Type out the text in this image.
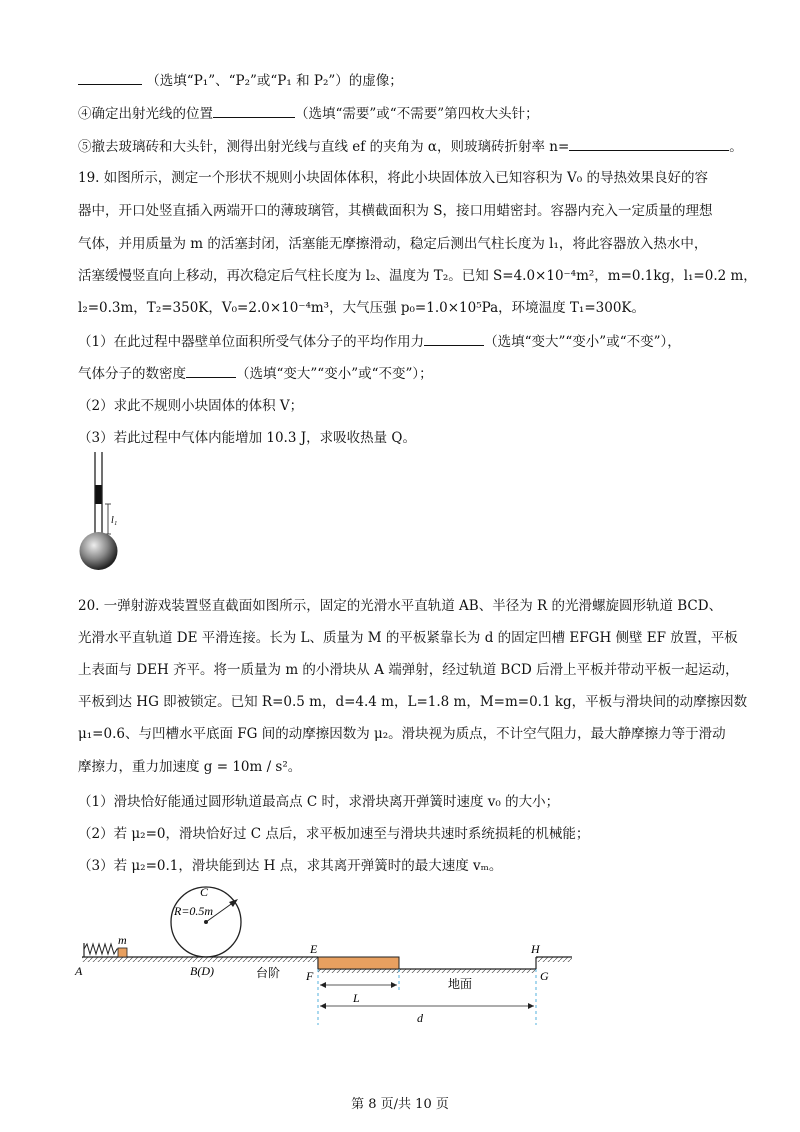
（选填“P₁”、“P₂”或“P₁ 和 P₂”）的虚像；
④确定出射光线的位置	（选填“需要”或“不需要”第四枚大头针；
⑤撤去玻璃砖和大头针，测得出射光线与直线 ef 的夹角为 α，则玻璃砖折射率 n=	。
19. 如图所示，测定一个形状不规则小块固体体积，将此小块固体放入已知容积为 V₀ 的导热效果良好的容
器中，开口处竖直插入两端开口的薄玻璃管，其横截面积为 S，接口用蜡密封。容器内充入一定质量的理想
气体，并用质量为 m 的活塞封闭，活塞能无摩擦滑动，稳定后测出气柱长度为 l₁，将此容器放入热水中，
活塞缓慢竖直向上移动，再次稳定后气柱长度为 l₂、温度为 T₂。已知 S=4.0×10⁻⁴m²，m=0.1kg，l₁=0.2 m，
l₂=0.3m，T₂=350K，V₀=2.0×10⁻⁴m³，大气压强 p₀=1.0×10⁵Pa，环境温度 T₁=300K。
（1）在此过程中器壁单位面积所受气体分子的平均作用力	（选填“变大”“变小”或“不变”），
气体分子的数密度	（选填“变大”“变小”或“不变”）；
（2）求此不规则小块固体的体积 V；
（3）若此过程中气体内能增加 10.3 J，求吸收热量 Q。
l₁
20. 一弹射游戏装置竖直截面如图所示，固定的光滑水平直轨道 AB、半径为 R 的光滑螺旋圆形轨道 BCD、
光滑水平直轨道 DE 平滑连接。长为 L、质量为 M 的平板紧靠长为 d 的固定凹槽 EFGH 侧壁 EF 放置，平板
上表面与 DEH 齐平。将一质量为 m 的小滑块从 A 端弹射，经过轨道 BCD 后滑上平板并带动平板一起运动，
平板到达 HG 即被锁定。已知 R=0.5 m，d=4.4 m，L=1.8 m，M=m=0.1 kg，平板与滑块间的动摩擦因数
μ₁=0.6、与凹槽水平底面 FG 间的动摩擦因数为 μ₂。滑块视为质点，不计空气阻力，最大静摩擦力等于滑动
摩擦力，重力加速度 g = 10m / s²。
（1）滑块恰好能通过圆形轨道最高点 C 时，求滑块离开弹簧时速度 v₀ 的大小；
（2）若 μ₂=0，滑块恰好过 C 点后，求平板加速至与滑块共速时系统损耗的机械能；
（3）若 μ₂=0.1，滑块能到达 H 点，求其离开弹簧时的最大速度 vₘ。
m
C
R=0.5m
A	B(D)	台阶
E
F
H
G
地面
L
d
第 8 页/共 10 页
